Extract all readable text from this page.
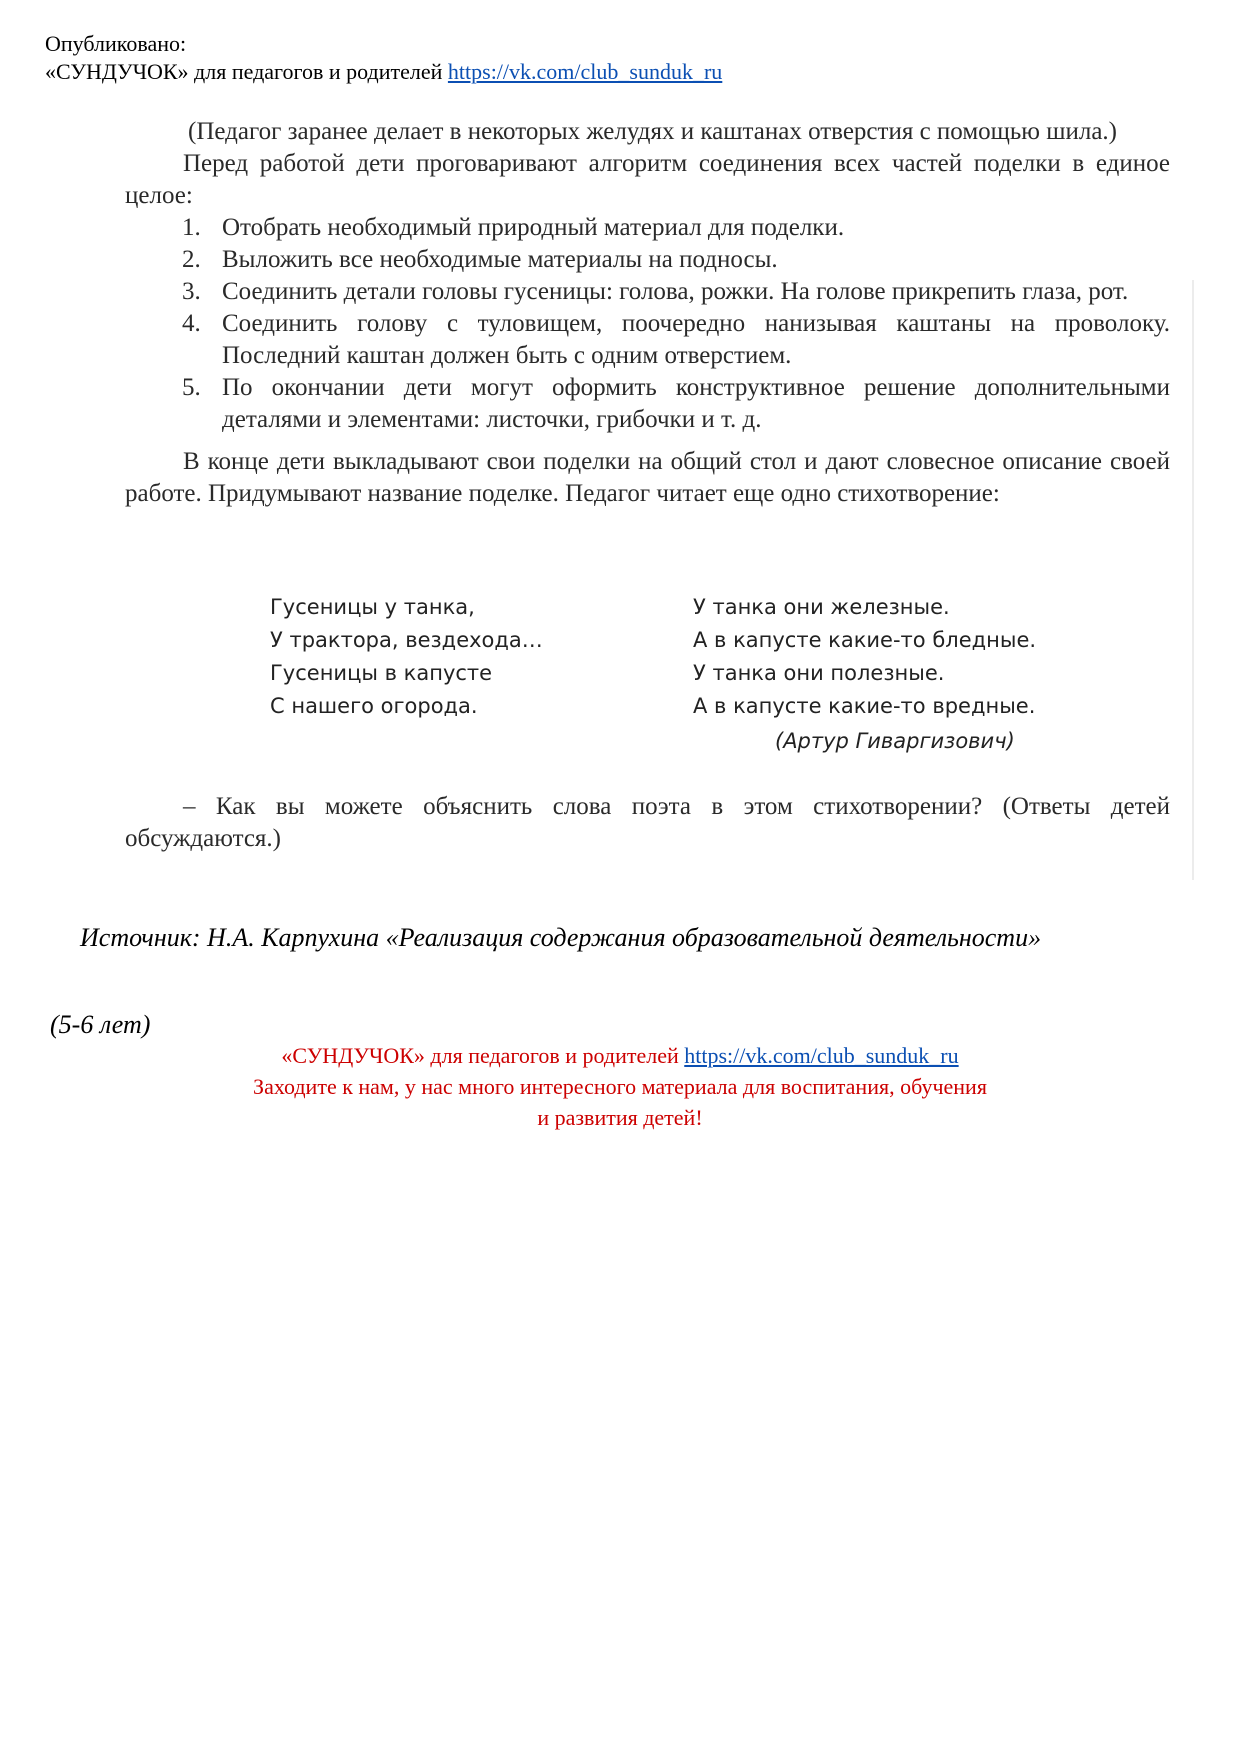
Опубликовано:
«СУНДУЧОК» для педагогов и родителей https://vk.com/club_sunduk_ru

(Педагог заранее делает в некоторых желудях и каштанах отверстия с помощью шила.)

Перед работой дети проговаривают алгоритм соединения всех частей поделки в единое целое:

1. Отобрать необходимый природный материал для поделки.
2. Выложить все необходимые материалы на подносы.
3. Соединить детали головы гусеницы: голова, рожки. На голове прикрепить глаза, рот.
4. Соединить голову с туловищем, поочередно нанизывая каштаны на проволоку. Последний каштан должен быть с одним отверстием.
5. По окончании дети могут оформить конструктивное решение дополнительными деталями и элементами: листочки, грибочки и т. д.

В конце дети выкладывают свои поделки на общий стол и дают словесное описание своей работе. Придумывают название поделке. Педагог читает еще одно стихотворение:

Гусеницы у танка,
У трактора, вездехода…
Гусеницы в капусте
С нашего огорода.
У танка они железные.
А в капусте какие-то бледные.
У танка они полезные.
А в капусте какие-то вредные.
(Артур Гиваргизович)

– Как вы можете объяснить слова поэта в этом стихотворении? (Ответы детей обсуждаются.)

Источник: Н.А. Карпухина «Реализация содержания образовательной деятельности»
(5-6 лет)
«СУНДУЧОК» для педагогов и родителей https://vk.com/club_sunduk_ru
Заходите к нам, у нас много интересного материала для воспитания, обучения
и развития детей!
